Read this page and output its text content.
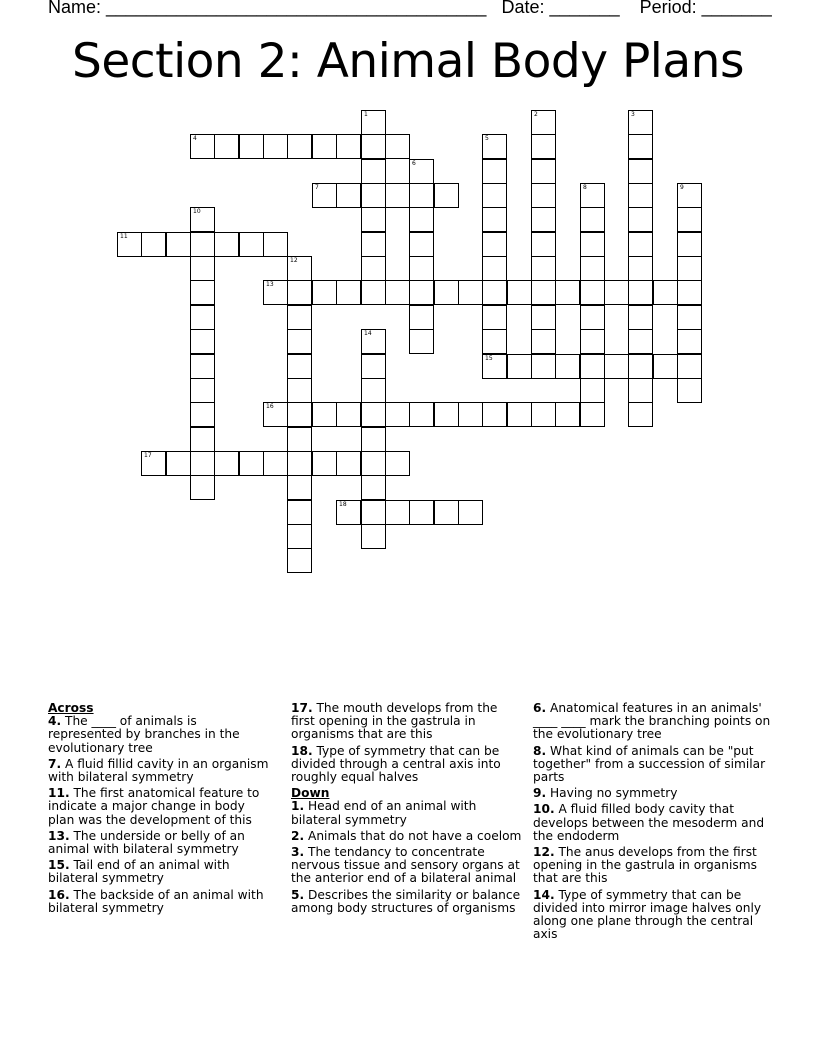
Name: ______________________________________ Date: _______ Period: _______
Section 2: Animal Body Plans
4
7
11
13
15
16
17
18
1	2	3
5
6
8	9
10
12
14
Across
4. The ____ of animals is represented by branches in the evolutionary tree
7. A fluid fillid cavity in an organism with bilateral symmetry
11. The first anatomical feature to indicate a major change in body plan was the development of this
13. The underside or belly of an animal with bilateral symmetry
15. Tail end of an animal with bilateral symmetry
16. The backside of an animal with bilateral symmetry
17. The mouth develops from the first opening in the gastrula in organisms that are this
18. Type of symmetry that can be divided through a central axis into roughly equal halves
Down
1. Head end of an animal with bilateral symmetry
2. Animals that do not have a coelom
3. The tendancy to concentrate nervous tissue and sensory organs at the anterior end of a bilateral animal
5. Describes the similarity or balance among body structures of organisms
6. Anatomical features in an animals' ____ ____ mark the branching points on the evolutionary tree
8. What kind of animals can be "put together" from a succession of similar parts
9. Having no symmetry
10. A fluid filled body cavity that develops between the mesoderm and the endoderm
12. The anus develops from the first opening in the gastrula in organisms that are this
14. Type of symmetry that can be divided into mirror image halves only along one plane through the central axis
